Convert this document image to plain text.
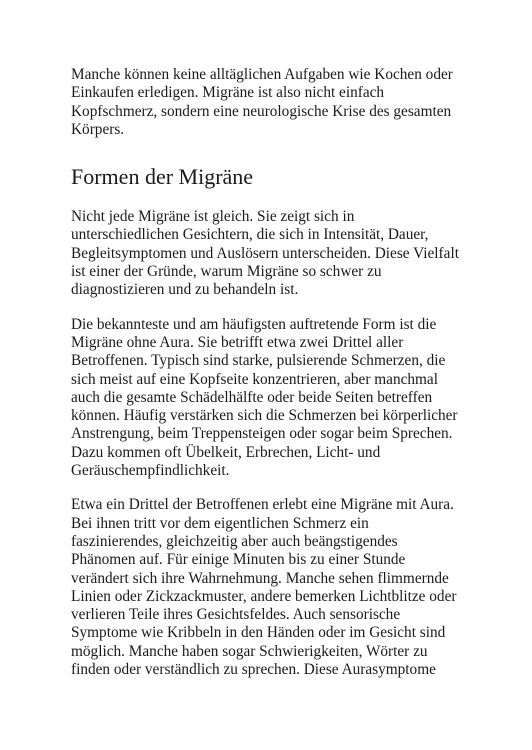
Manche können keine alltäglichen Aufgaben wie Kochen oder
Einkaufen erledigen. Migräne ist also nicht einfach
Kopfschmerz, sondern eine neurologische Krise des gesamten
Körpers.

Formen der Migräne

Nicht jede Migräne ist gleich. Sie zeigt sich in
unterschiedlichen Gesichtern, die sich in Intensität, Dauer,
Begleitsymptomen und Auslösern unterscheiden. Diese Vielfalt
ist einer der Gründe, warum Migräne so schwer zu
diagnostizieren und zu behandeln ist.

Die bekannteste und am häufigsten auftretende Form ist die
Migräne ohne Aura. Sie betrifft etwa zwei Drittel aller
Betroffenen. Typisch sind starke, pulsierende Schmerzen, die
sich meist auf eine Kopfseite konzentrieren, aber manchmal
auch die gesamte Schädelhälfte oder beide Seiten betreffen
können. Häufig verstärken sich die Schmerzen bei körperlicher
Anstrengung, beim Treppensteigen oder sogar beim Sprechen.
Dazu kommen oft Übelkeit, Erbrechen, Licht- und
Geräuschempfindlichkeit.

Etwa ein Drittel der Betroffenen erlebt eine Migräne mit Aura.
Bei ihnen tritt vor dem eigentlichen Schmerz ein
faszinierendes, gleichzeitig aber auch beängstigendes
Phänomen auf. Für einige Minuten bis zu einer Stunde
verändert sich ihre Wahrnehmung. Manche sehen flimmernde
Linien oder Zickzackmuster, andere bemerken Lichtblitze oder
verlieren Teile ihres Gesichtsfeldes. Auch sensorische
Symptome wie Kribbeln in den Händen oder im Gesicht sind
möglich. Manche haben sogar Schwierigkeiten, Wörter zu
finden oder verständlich zu sprechen. Diese Aurasymptome
